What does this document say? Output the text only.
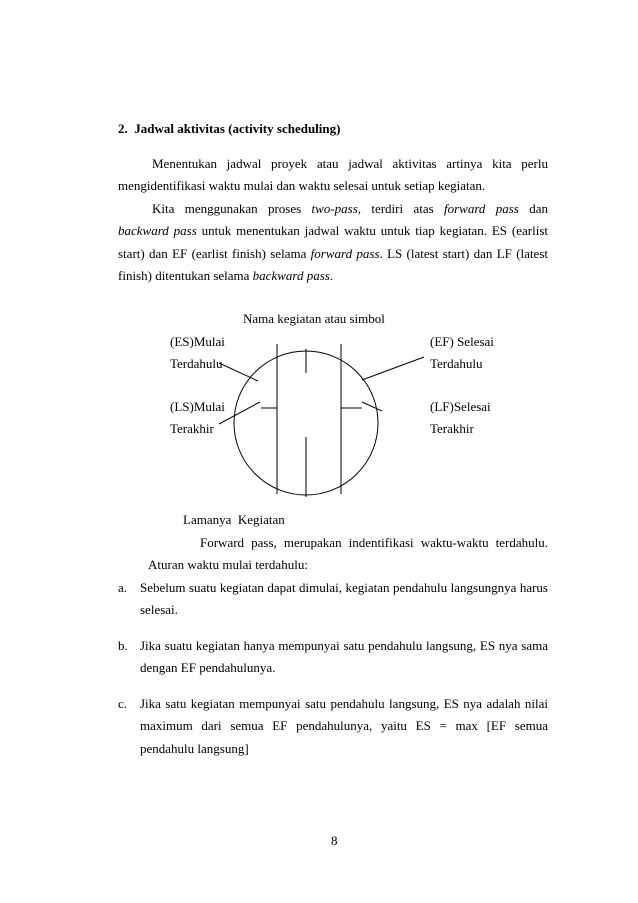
2. Jadwal aktivitas (activity scheduling)
Menentukan jadwal proyek atau jadwal aktivitas artinya kita perlu
mengidentifikasi waktu mulai dan waktu selesai untuk setiap kegiatan.
Kita menggunakan proses two-pass, terdiri atas forward pass dan
backward pass untuk menentukan jadwal waktu untuk tiap kegiatan. ES (earlist
start) dan EF (earlist finish) selama forward pass. LS (latest start) dan LF (latest
finish) ditentukan selama backward pass.
Nama kegiatan atau simbol
(ES)Mulai
Terdahulu
(EF) Selesai
Terdahulu
(LS)Mulai
Terakhir
(LF)Selesai
Terakhir
Lamanya  Kegiatan
Forward pass, merupakan indentifikasi waktu-waktu terdahulu.
Aturan waktu mulai terdahulu:
a. Sebelum suatu kegiatan dapat dimulai, kegiatan pendahulu langsungnya harus
selesai.
b. Jika suatu kegiatan hanya mempunyai satu pendahulu langsung, ES nya sama
dengan EF pendahulunya.
c. Jika satu kegiatan mempunyai satu pendahulu langsung, ES nya adalah nilai
maximum dari semua EF pendahulunya, yaitu ES = max [EF semua
pendahulu langsung]
8
